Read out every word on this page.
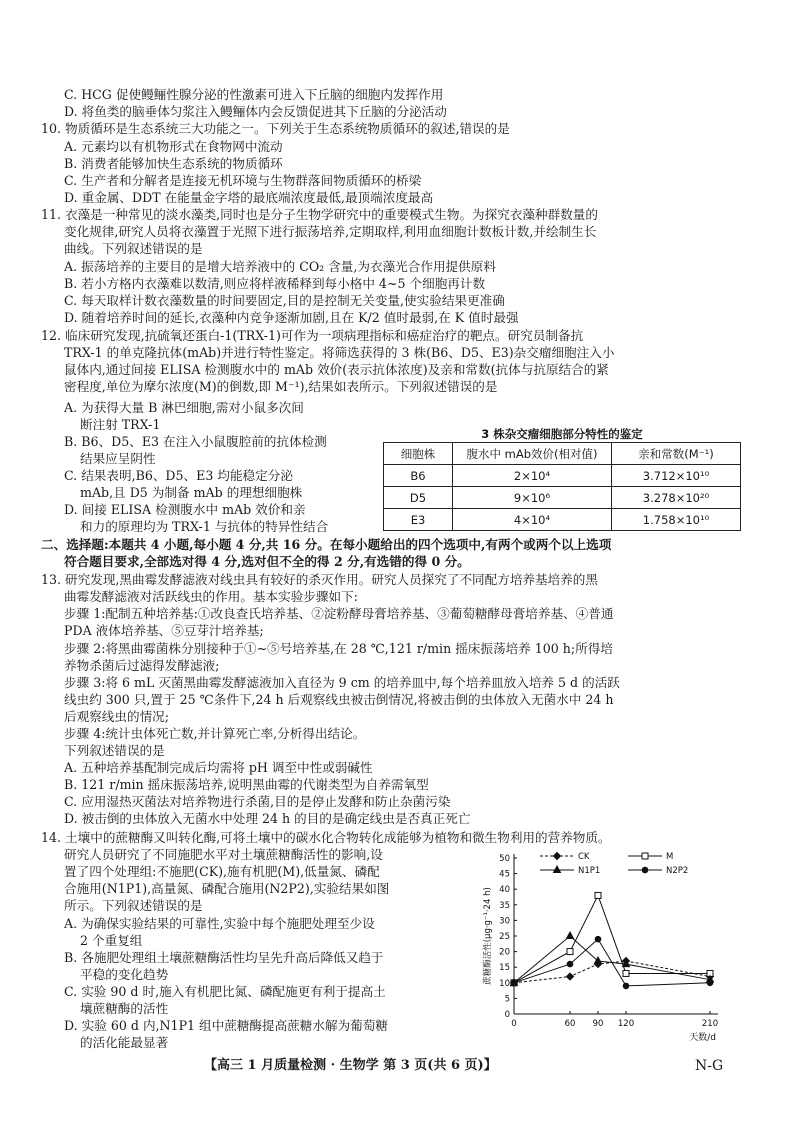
C. HCG 促使鳗鲡性腺分泌的性激素可进入下丘脑的细胞内发挥作用
D. 将鱼类的脑垂体匀浆注入鳗鲡体内会反馈促进其下丘脑的分泌活动
10. 物质循环是生态系统三大功能之一。下列关于生态系统物质循环的叙述,错误的是
A. 元素均以有机物形式在食物网中流动
B. 消费者能够加快生态系统的物质循环
C. 生产者和分解者是连接无机环境与生物群落间物质循环的桥梁
D. 重金属、DDT 在能量金字塔的最底端浓度最低,最顶端浓度最高
11. 衣藻是一种常见的淡水藻类,同时也是分子生物学研究中的重要模式生物。为探究衣藻种群数量的
变化规律,研究人员将衣藻置于光照下进行振荡培养,定期取样,利用血细胞计数板计数,并绘制生长
曲线。下列叙述错误的是
A. 振荡培养的主要目的是增大培养液中的 CO₂ 含量,为衣藻光合作用提供原料
B. 若小方格内衣藻难以数清,则应将样液稀释到每小格中 4~5 个细胞再计数
C. 每天取样计数衣藻数量的时间要固定,目的是控制无关变量,使实验结果更准确
D. 随着培养时间的延长,衣藻种内竞争逐渐加剧,且在 K/2 值时最弱,在 K 值时最强
12. 临床研究发现,抗硫氧还蛋白-1(TRX-1)可作为一项病理指标和癌症治疗的靶点。研究员制备抗
TRX-1 的单克隆抗体(mAb)并进行特性鉴定。将筛选获得的 3 株(B6、D5、E3)杂交瘤细胞注入小
鼠体内,通过间接 ELISA 检测腹水中的 mAb 效价(表示抗体浓度)及亲和常数(抗体与抗原结合的紧
密程度,单位为摩尔浓度(M)的倒数,即 M⁻¹),结果如表所示。下列叙述错误的是
A. 为获得大量 B 淋巴细胞,需对小鼠多次间
断注射 TRX-1
B. B6、D5、E3 在注入小鼠腹腔前的抗体检测
结果应呈阴性
C. 结果表明,B6、D5、E3 均能稳定分泌
mAb,且 D5 为制备 mAb 的理想细胞株
D. 间接 ELISA 检测腹水中 mAb 效价和亲
和力的原理均为 TRX-1 与抗体的特异性结合
3 株杂交瘤细胞部分特性的鉴定
细胞株	腹水中 mAb效价(相对值)	亲和常数(M⁻¹)
B6	2×10⁴	3.712×10¹⁰
D5	9×10⁶	3.278×10²⁰
E3	4×10⁴	1.758×10¹⁰
二、选择题:本题共 4 小题,每小题 4 分,共 16 分。在每小题给出的四个选项中,有两个或两个以上选项
符合题目要求,全部选对得 4 分,选对但不全的得 2 分,有选错的得 0 分。
13. 研究发现,黑曲霉发酵滤液对线虫具有较好的杀灭作用。研究人员探究了不同配方培养基培养的黑
曲霉发酵滤液对活跃线虫的作用。基本实验步骤如下:
步骤 1:配制五种培养基:①改良查氏培养基、②淀粉酵母膏培养基、③葡萄糖酵母膏培养基、④普通
PDA 液体培养基、⑤豆芽汁培养基;
步骤 2:将黑曲霉菌株分别接种于①~⑤号培养基,在 28 ℃,121 r/min 摇床振荡培养 100 h;所得培
养物杀菌后过滤得发酵滤液;
步骤 3:将 6 mL 灭菌黑曲霉发酵滤液加入直径为 9 cm 的培养皿中,每个培养皿放入培养 5 d 的活跃
线虫约 300 只,置于 25 ℃条件下,24 h 后观察线虫被击倒情况,将被击倒的虫体放入无菌水中 24 h
后观察线虫的情况;
步骤 4:统计虫体死亡数,并计算死亡率,分析得出结论。
下列叙述错误的是
A. 五种培养基配制完成后均需将 pH 调至中性或弱碱性
B. 121 r/min 摇床振荡培养,说明黑曲霉的代谢类型为自养需氧型
C. 应用湿热灭菌法对培养物进行杀菌,目的是停止发酵和防止杂菌污染
D. 被击倒的虫体放入无菌水中处理 24 h 的目的是确定线虫是否真正死亡
14. 土壤中的蔗糖酶又叫转化酶,可将土壤中的碳水化合物转化成能够为植物和微生物利用的营养物质。
研究人员研究了不同施肥水平对土壤蔗糖酶活性的影响,设
置了四个处理组:不施肥(CK),施有机肥(M),低量氮、磷配
合施用(N1P1),高量氮、磷配合施用(N2P2),实验结果如图
所示。下列叙述错误的是
A. 为确保实验结果的可靠性,实验中每个施肥处理至少设
2 个重复组
B. 各施肥处理组土壤蔗糖酶活性均呈先升高后降低又趋于
平稳的变化趋势
C. 实验 90 d 时,施入有机肥比氮、磷配施更有利于提高土
壤蔗糖酶的活性
D. 实验 60 d 内,N1P1 组中蔗糖酶提高蔗糖水解为葡萄糖
的活化能最显著
0
5
10
15
20
25
30
35
40
45
50
0	60 90 120	210
天数/d
蔗糖酶活性(μg·g⁻¹·24 h)
CK	M
N1P1	N2P2
【高三 1 月质量检测 · 生物学 第 3 页(共 6 页)】	N-G
